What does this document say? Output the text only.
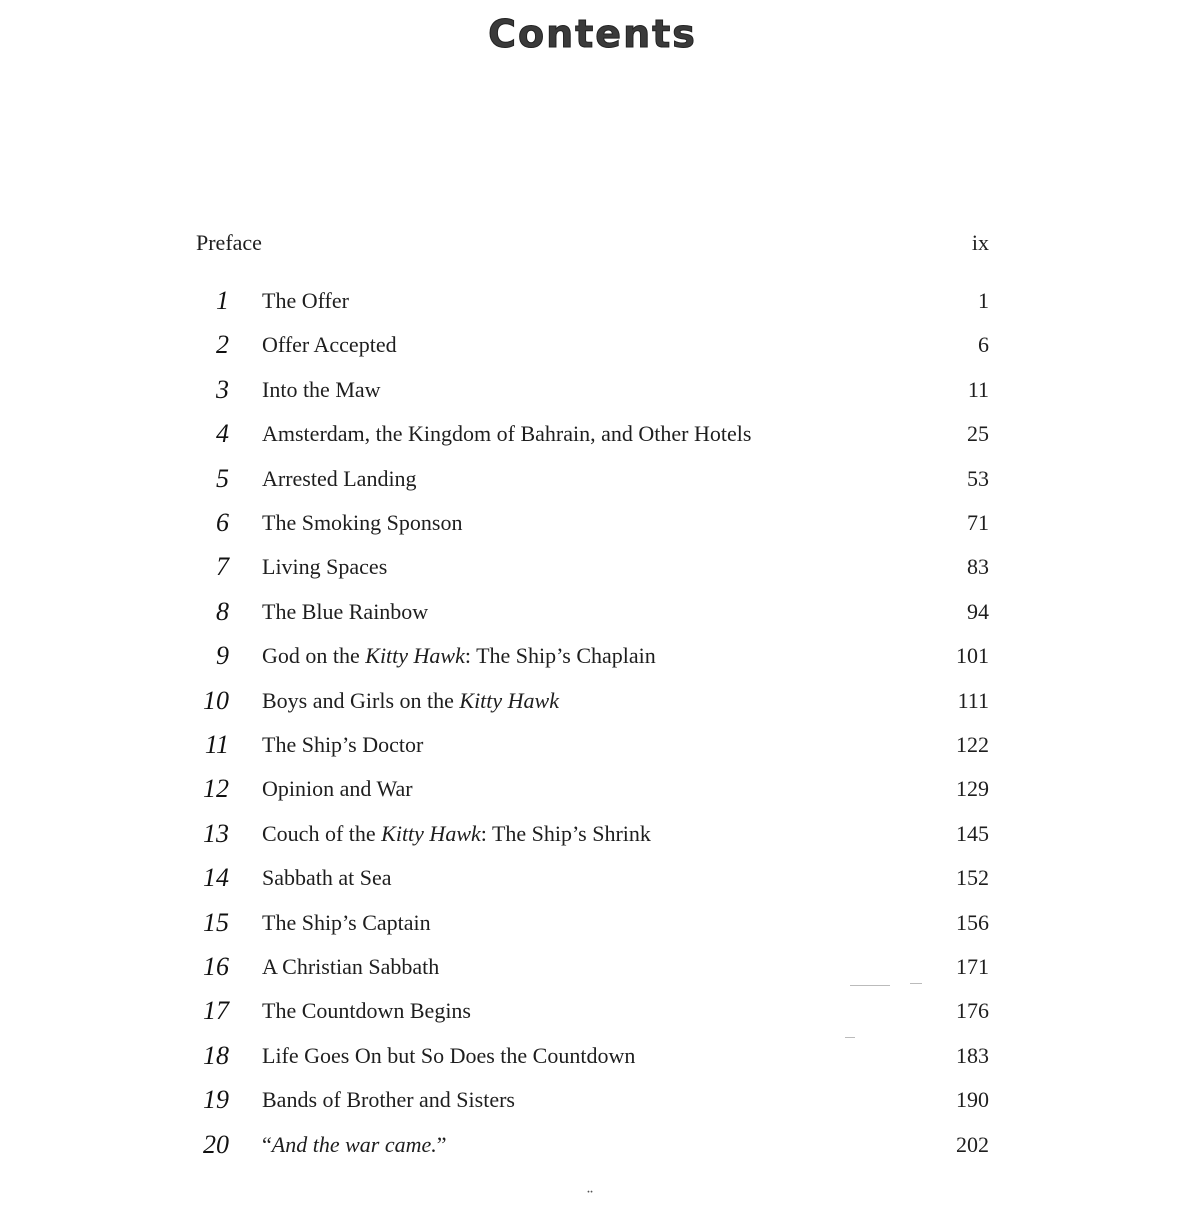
Contents
Preface	ix
1 The Offer	1
2 Offer Accepted	6
3 Into the Maw	11
4 Amsterdam, the Kingdom of Bahrain, and Other Hotels	25
5 Arrested Landing	53
6 The Smoking Sponson	71
7 Living Spaces	83
8 The Blue Rainbow	94
9 God on the Kitty Hawk: The Ship’s Chaplain	101
10 Boys and Girls on the Kitty Hawk	111
11 The Ship’s Doctor	122
12 Opinion and War	129
13 Couch of the Kitty Hawk: The Ship’s Shrink	145
14 Sabbath at Sea	152
15 The Ship’s Captain	156
16 A Christian Sabbath	171
17 The Countdown Begins	176
18 Life Goes On but So Does the Countdown	183
19 Bands of Brother and Sisters	190
20 “And the war came.”	202
¨
